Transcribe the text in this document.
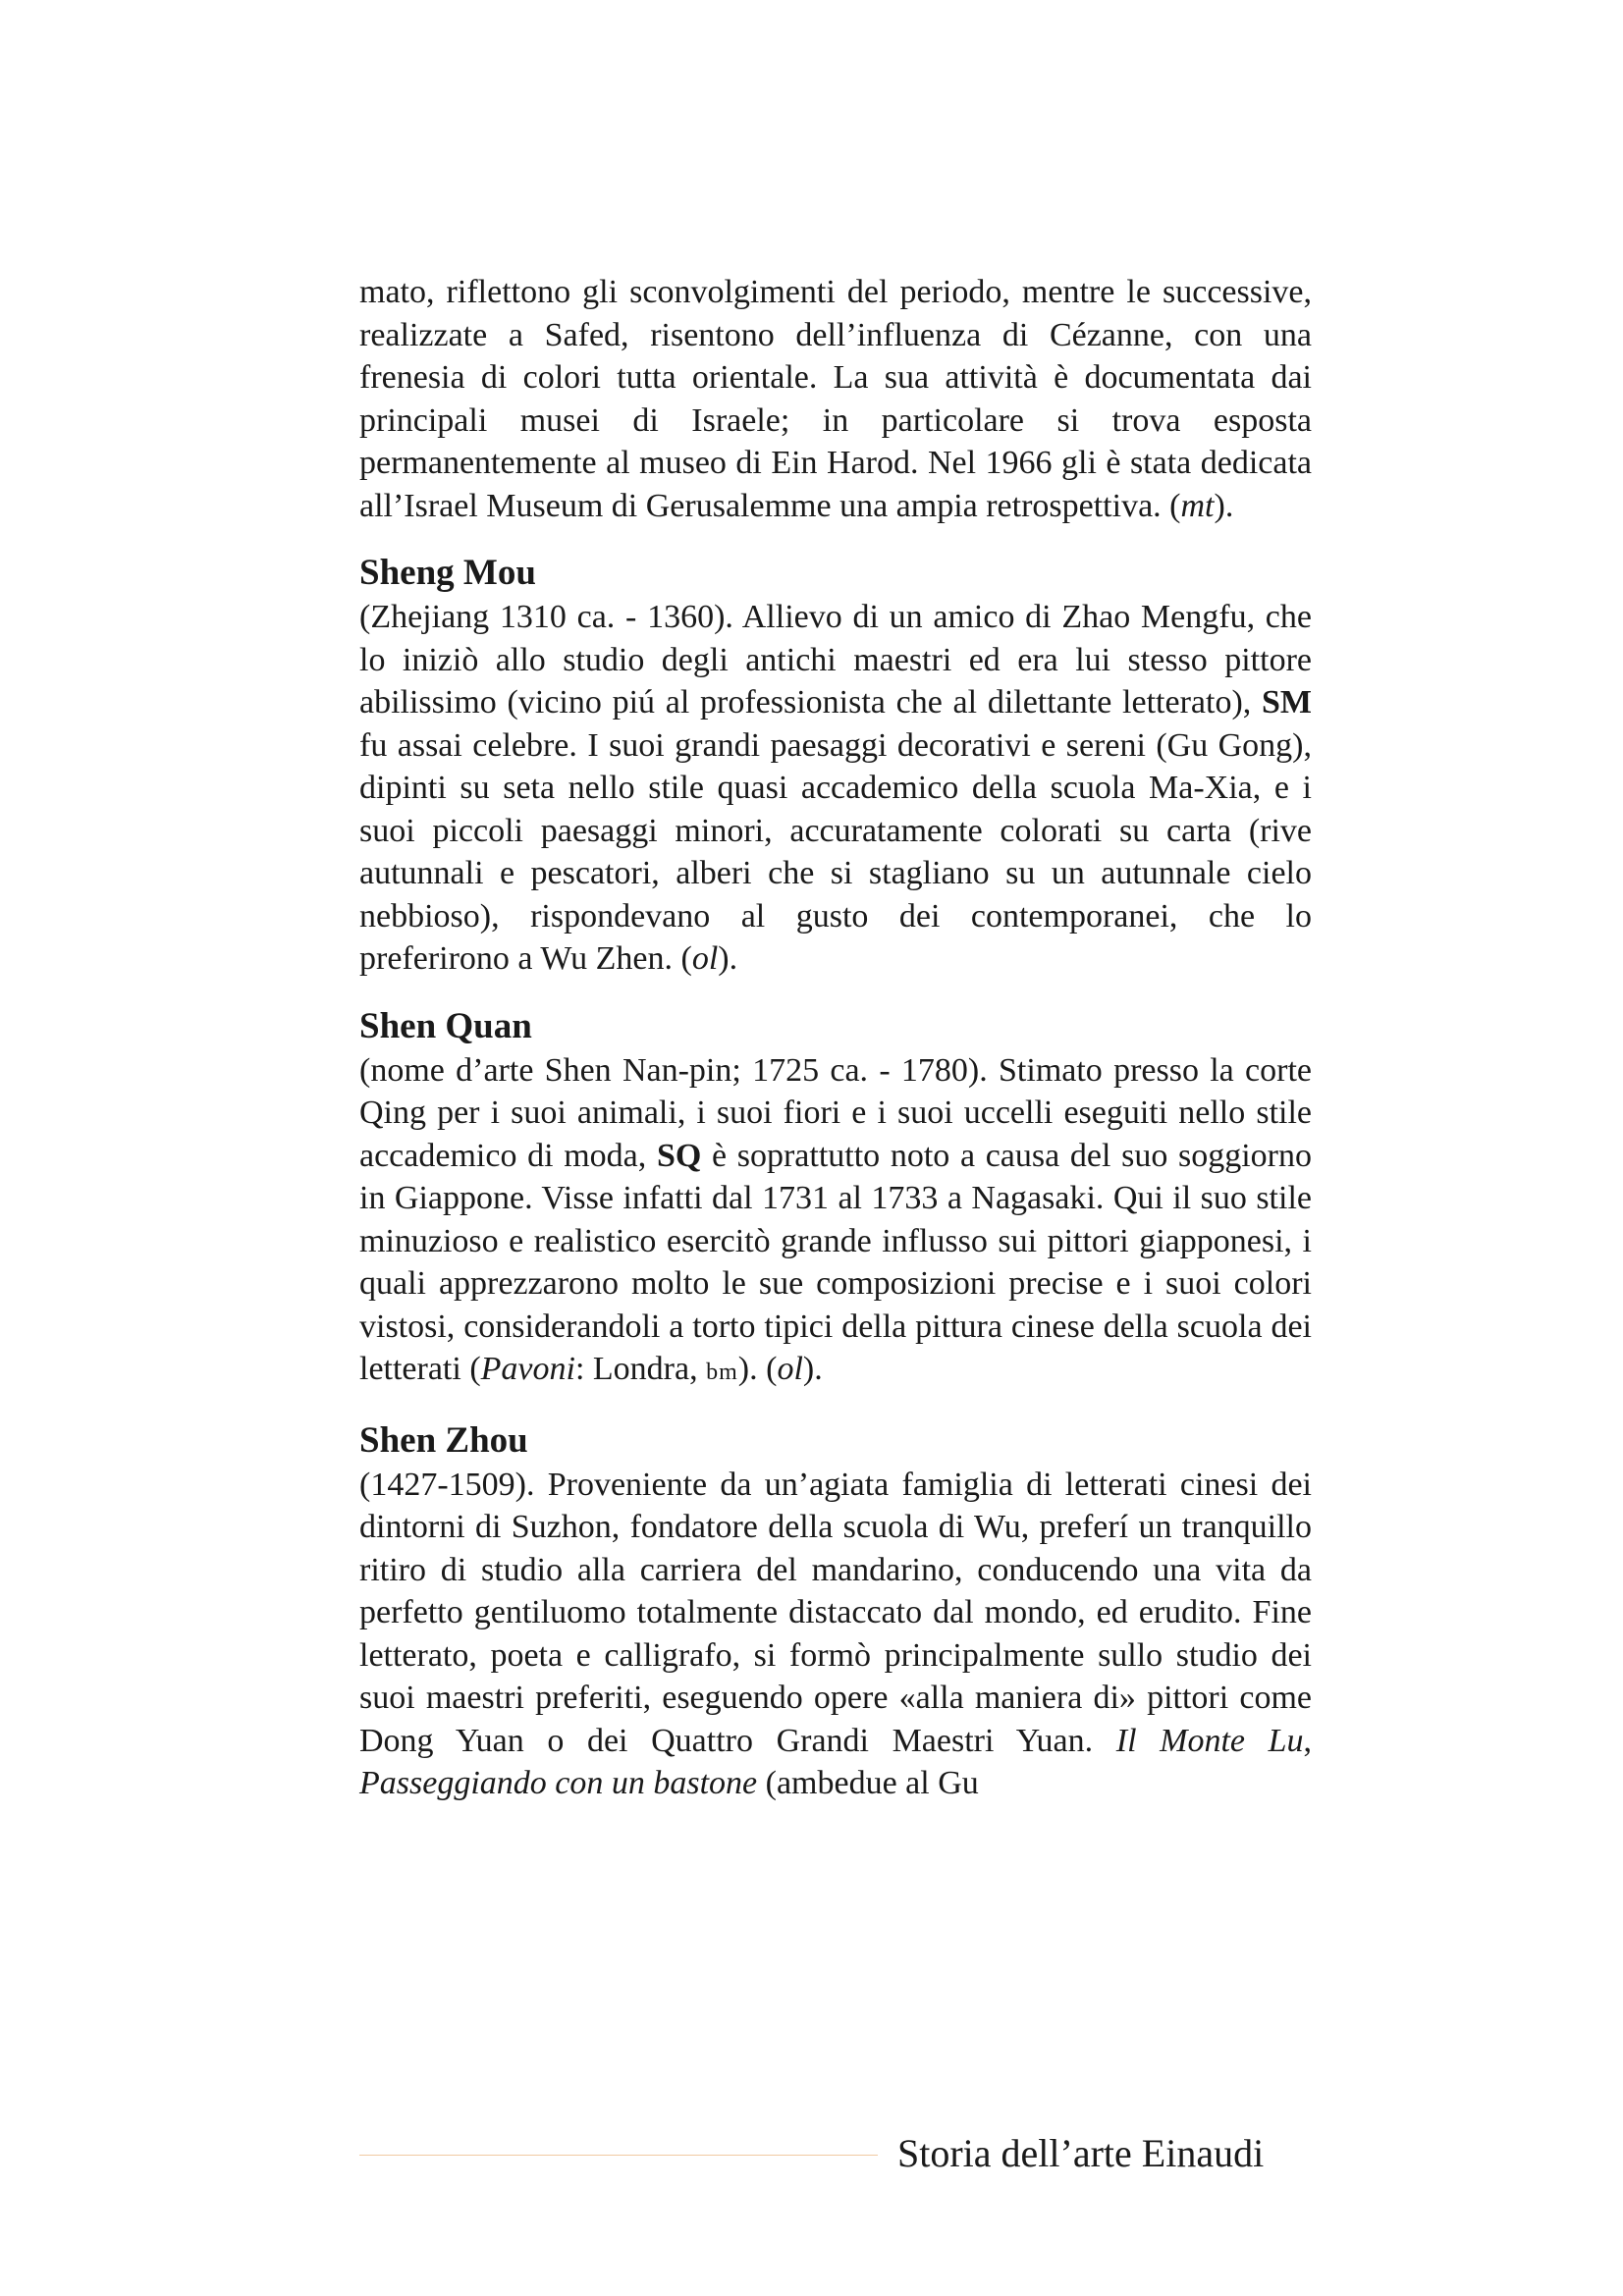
mato, riflettono gli sconvolgimenti del periodo, mentre le successive, realizzate a Safed, risentono dell’influenza di Cézanne, con una frenesia di colori tutta orientale. La sua attività è documentata dai principali musei di Israele; in particolare si trova esposta permanentemente al museo di Ein Harod. Nel 1966 gli è stata dedicata all’Israel Museum di Gerusalemme una ampia retrospettiva. (mt).

Sheng Mou

(Zhejiang 1310 ca. - 1360). Allievo di un amico di Zhao Mengfu, che lo iniziò allo studio degli antichi maestri ed era lui stesso pittore abilissimo (vicino piú al professionista che al dilettante letterato), SM fu assai celebre. I suoi grandi paesaggi decorativi e sereni (Gu Gong), dipinti su seta nello stile quasi accademico della scuola Ma-Xia, e i suoi piccoli paesaggi minori, accuratamente colorati su carta (rive autunnali e pescatori, alberi che si stagliano su un autunnale cielo nebbioso), rispondevano al gusto dei contemporanei, che lo preferirono a Wu Zhen. (ol).

Shen Quan

(nome d’arte Shen Nan-pin; 1725 ca. - 1780). Stimato presso la corte Qing per i suoi animali, i suoi fiori e i suoi uccelli eseguiti nello stile accademico di moda, SQ è soprattutto noto a causa del suo soggiorno in Giappone. Visse infatti dal 1731 al 1733 a Nagasaki. Qui il suo stile minuzioso e realistico esercitò grande influsso sui pittori giapponesi, i quali apprezzarono molto le sue composizioni precise e i suoi colori vistosi, considerandoli a torto tipici della pittura cinese della scuola dei letterati (Pavoni: Londra, bm). (ol).

Shen Zhou

(1427-1509). Proveniente da un’agiata famiglia di letterati cinesi dei dintorni di Suzhon, fondatore della scuola di Wu, preferí un tranquillo ritiro di studio alla carriera del mandarino, conducendo una vita da perfetto gentiluomo totalmente distaccato dal mondo, ed erudito. Fine letterato, poeta e calligrafo, si formò principalmente sullo studio dei suoi maestri preferiti, eseguendo opere «alla maniera di» pittori come Dong Yuan o dei Quattro Grandi Maestri Yuan. Il Monte Lu, Passeggiando con un bastone (ambedue al Gu

Storia dell’arte Einaudi
